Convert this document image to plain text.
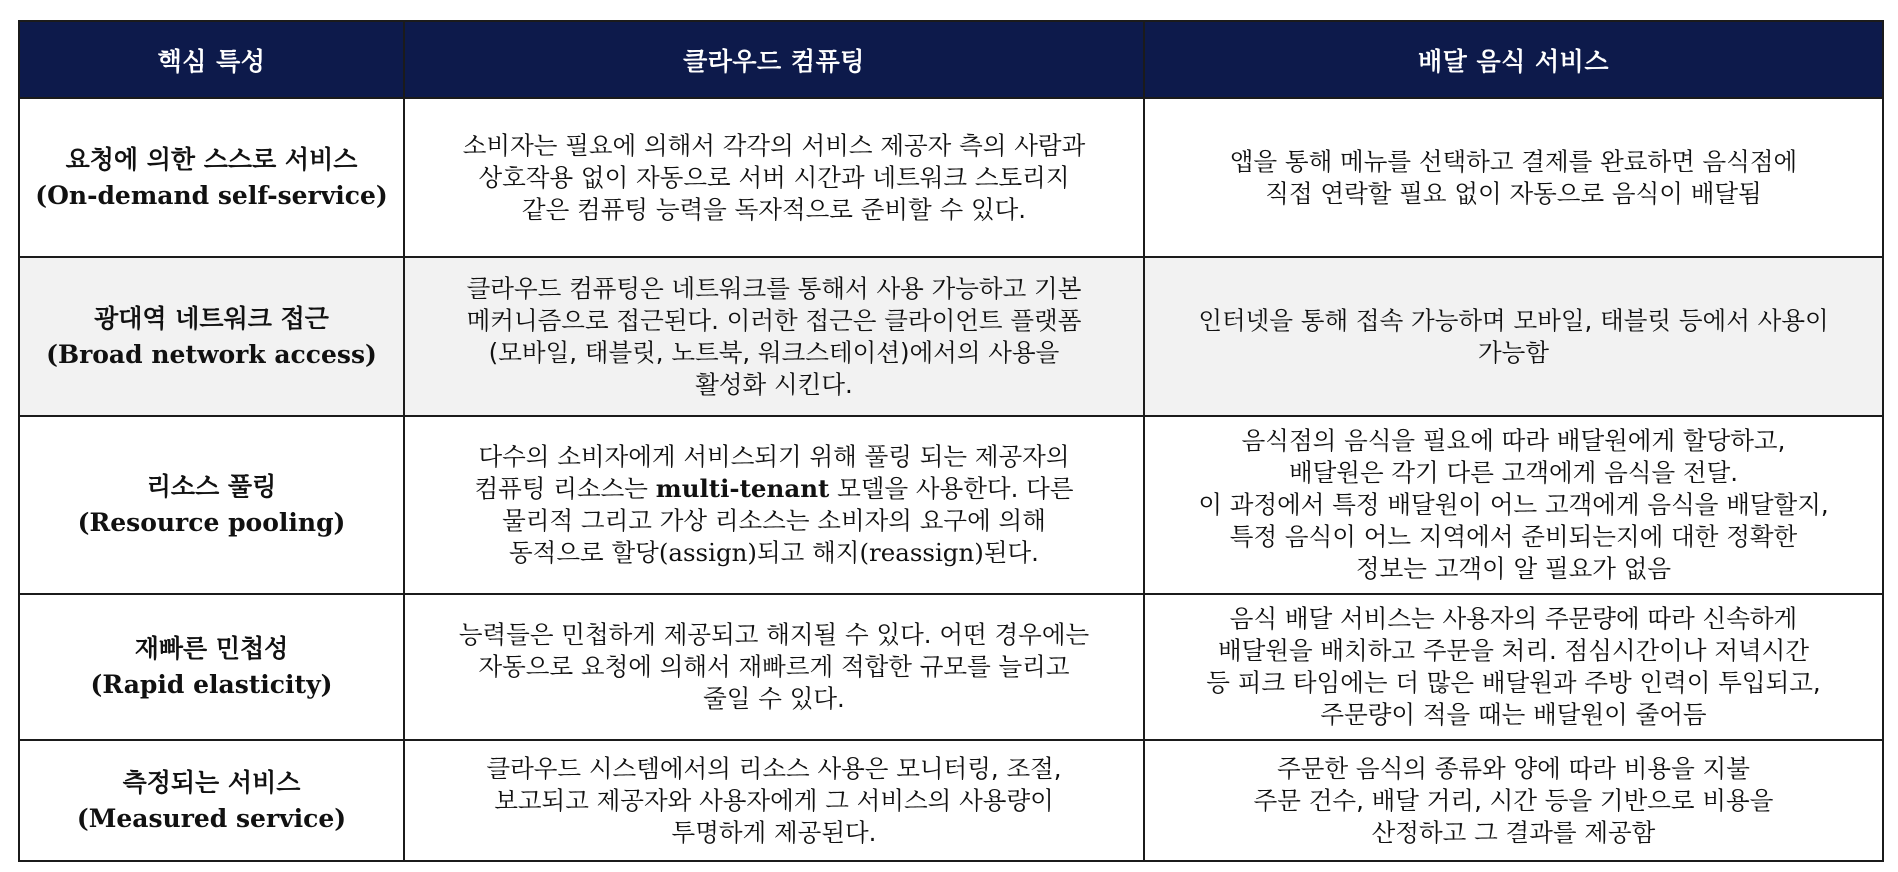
핵심 특성	클라우드 컴퓨팅	배달 음식 서비스

요청에 의한 스스로 서비스
(On-demand self-service)	소비자는 필요에 의해서 각각의 서비스 제공자 측의 사람과
상호작용 없이 자동으로 서버 시간과 네트워크 스토리지
같은 컴퓨팅 능력을 독자적으로 준비할 수 있다.	앱을 통해 메뉴를 선택하고 결제를 완료하면 음식점에
직접 연락할 필요 없이 자동으로 음식이 배달됨

광대역 네트워크 접근
(Broad network access)	클라우드 컴퓨팅은 네트워크를 통해서 사용 가능하고 기본
메커니즘으로 접근된다. 이러한 접근은 클라이언트 플랫폼
(모바일, 태블릿, 노트북, 워크스테이션)에서의 사용을
활성화 시킨다.	인터넷을 통해 접속 가능하며 모바일, 태블릿 등에서 사용이
가능함

리소스 풀링
(Resource pooling)	다수의 소비자에게 서비스되기 위해 풀링 되는 제공자의
컴퓨팅 리소스는 multi-tenant 모델을 사용한다. 다른
물리적 그리고 가상 리소스는 소비자의 요구에 의해
동적으로 할당(assign)되고 해지(reassign)된다.	음식점의 음식을 필요에 따라 배달원에게 할당하고,
배달원은 각기 다른 고객에게 음식을 전달.
이 과정에서 특정 배달원이 어느 고객에게 음식을 배달할지,
특정 음식이 어느 지역에서 준비되는지에 대한 정확한
정보는 고객이 알 필요가 없음

재빠른 민첩성
(Rapid elasticity)	능력들은 민첩하게 제공되고 해지될 수 있다. 어떤 경우에는
자동으로 요청에 의해서 재빠르게 적합한 규모를 늘리고
줄일 수 있다.	음식 배달 서비스는 사용자의 주문량에 따라 신속하게
배달원을 배치하고 주문을 처리. 점심시간이나 저녁시간
등 피크 타임에는 더 많은 배달원과 주방 인력이 투입되고,
주문량이 적을 때는 배달원이 줄어듬

측정되는 서비스
(Measured service)	클라우드 시스템에서의 리소스 사용은 모니터링, 조절,
보고되고 제공자와 사용자에게 그 서비스의 사용량이
투명하게 제공된다.	주문한 음식의 종류와 양에 따라 비용을 지불
주문 건수, 배달 거리, 시간 등을 기반으로 비용을
산정하고 그 결과를 제공함
